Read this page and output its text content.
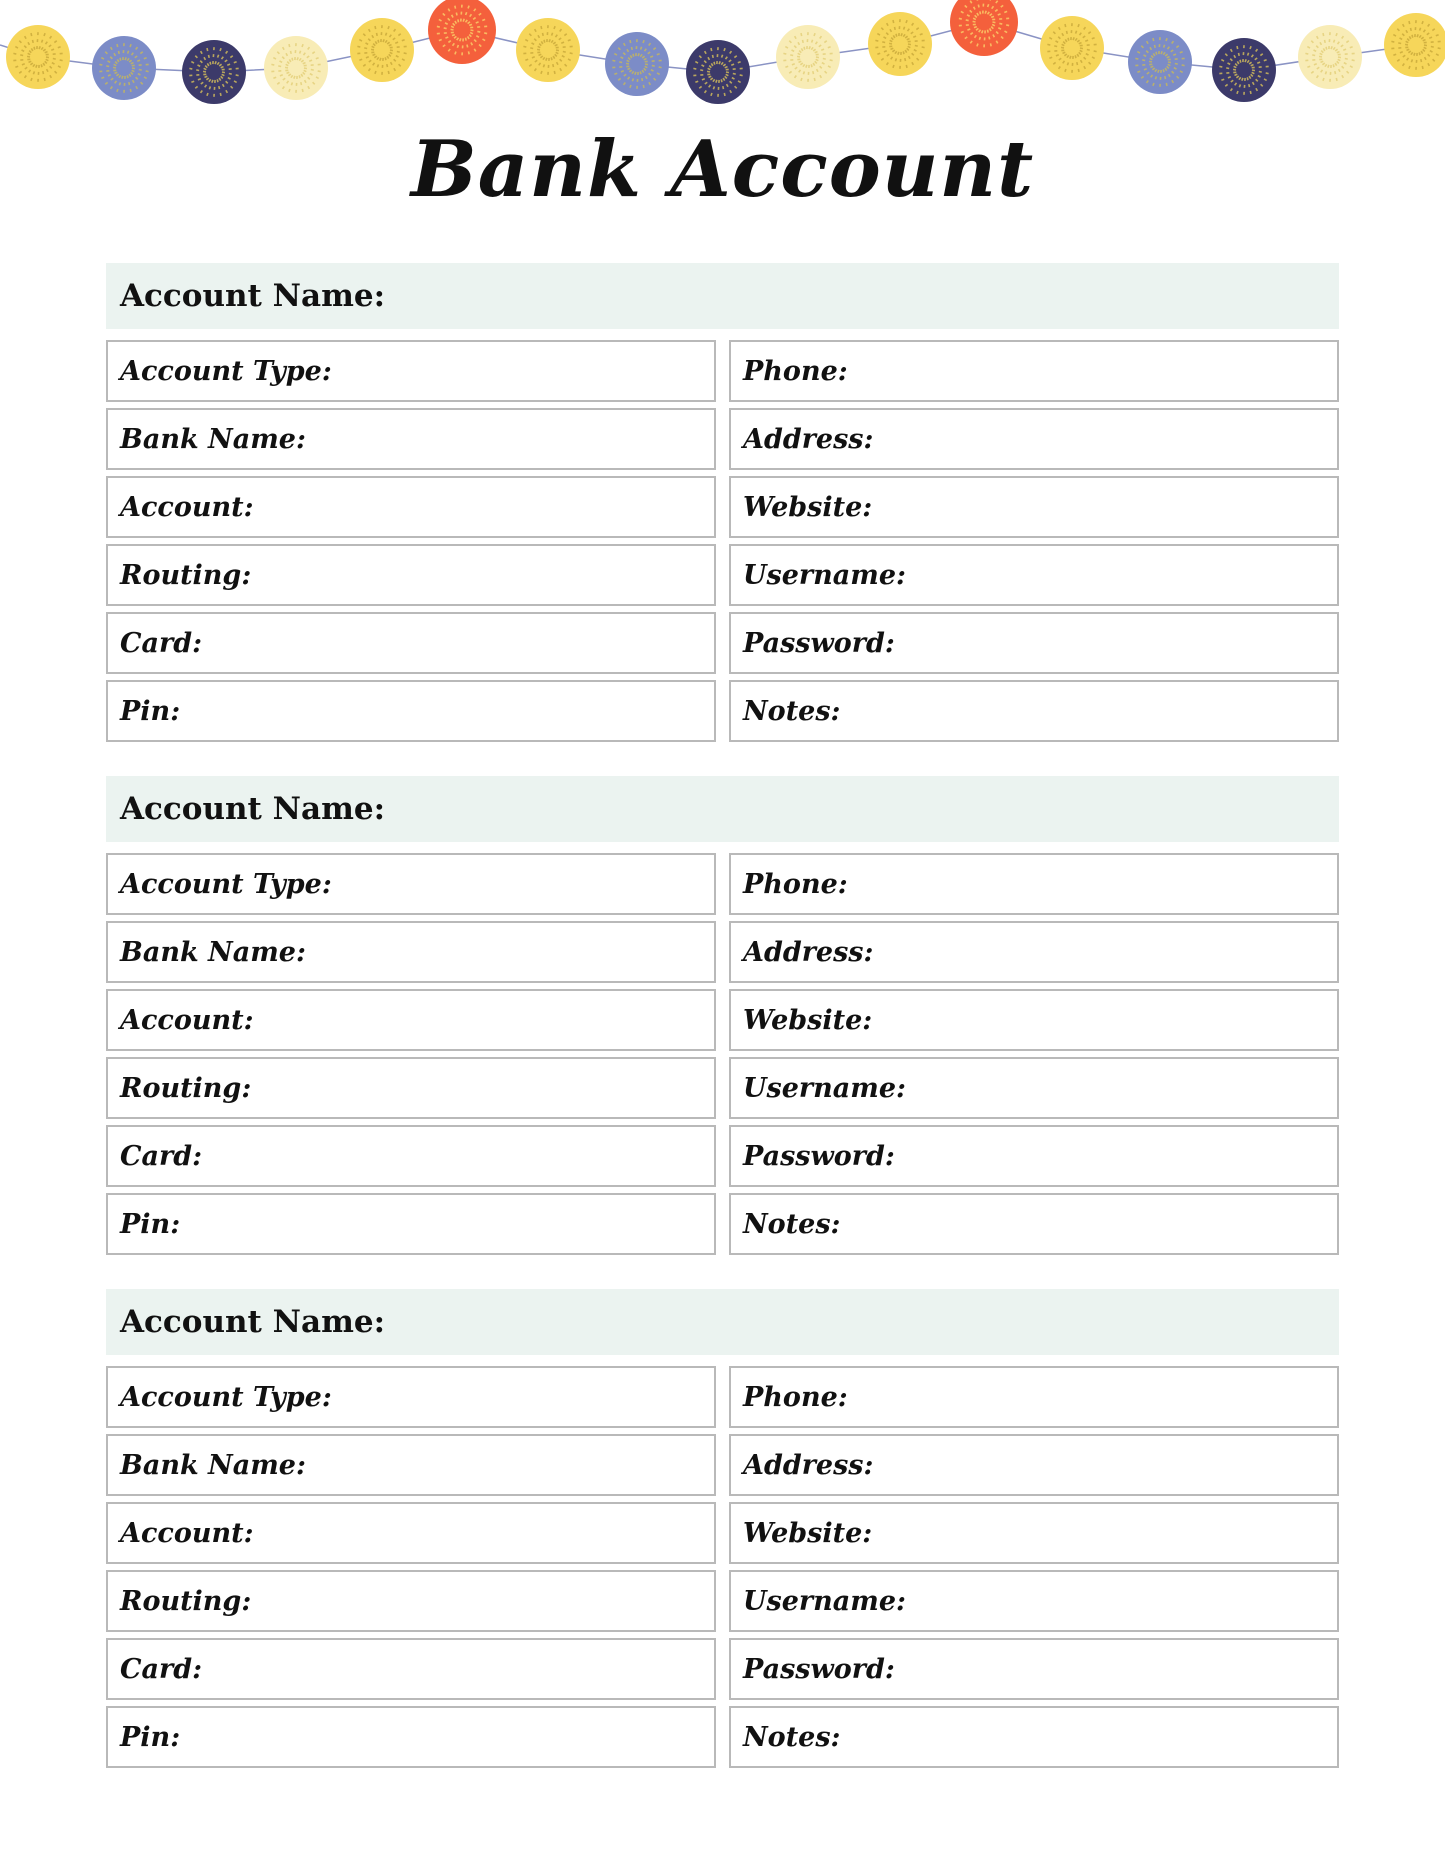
Bank Account
Account Name:
Account Type:	Phone:
Bank Name:	Address:
Account:	Website:
Routing:	Username:
Card:	Password:
Pin:	Notes:
Account Name:
Account Type:	Phone:
Bank Name:	Address:
Account:	Website:
Routing:	Username:
Card:	Password:
Pin:	Notes:
Account Name:
Account Type:	Phone:
Bank Name:	Address:
Account:	Website:
Routing:	Username:
Card:	Password:
Pin:	Notes:
